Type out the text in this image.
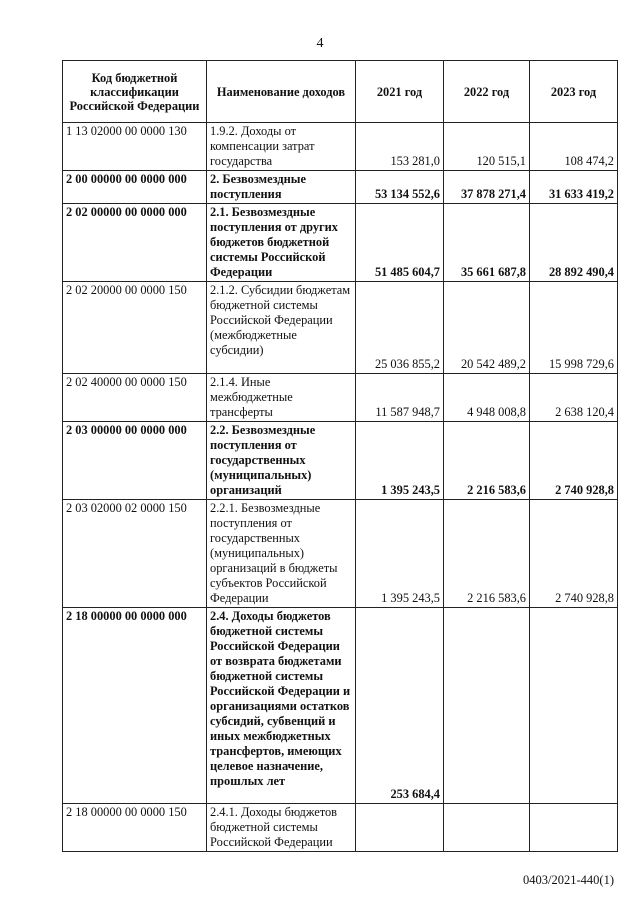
4
Код бюджетной классификации Российской Федерации	Наименование доходов	2021 год	2022 год	2023 год
1 13 02000 00 0000 130	1.9.2. Доходы от компенсации затрат государства	153 281,0	120 515,1	108 474,2
2 00 00000 00 0000 000	2. Безвозмездные поступления	53 134 552,6	37 878 271,4	31 633 419,2
2 02 00000 00 0000 000	2.1. Безвозмездные поступления от других бюджетов бюджетной системы Российской Федерации	51 485 604,7	35 661 687,8	28 892 490,4
2 02 20000 00 0000 150	2.1.2. Субсидии бюджетам бюджетной системы Российской Федерации (межбюджетные субсидии)	25 036 855,2	20 542 489,2	15 998 729,6
2 02 40000 00 0000 150	2.1.4. Иные межбюджетные трансферты	11 587 948,7	4 948 008,8	2 638 120,4
2 03 00000 00 0000 000	2.2. Безвозмездные поступления от государственных (муниципальных) организаций	1 395 243,5	2 216 583,6	2 740 928,8
2 03 02000 02 0000 150	2.2.1. Безвозмездные поступления от государственных (муниципальных) организаций в бюджеты субъектов Российской Федерации	1 395 243,5	2 216 583,6	2 740 928,8
2 18 00000 00 0000 000	2.4. Доходы бюджетов бюджетной системы Российской Федерации от возврата бюджетами бюджетной системы Российской Федерации и организациями остатков субсидий, субвенций и иных межбюджетных трансфертов, имеющих целевое назначение, прошлых лет	253 684,4		
2 18 00000 00 0000 150	2.4.1. Доходы бюджетов бюджетной системы Российской Федерации			
0403/2021-440(1)
